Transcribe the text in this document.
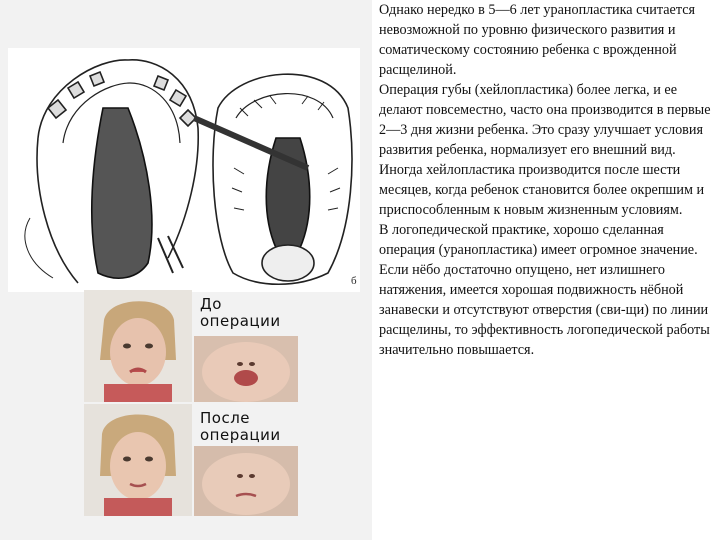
б
До
операции
После
операции

Однако нередко в 5—6 лет уранопластика считается невозможной по уровню физического развития и соматическому состоянию ребенка с врожденной расщелиной.

Операция губы (хейлопластика) более легка, и ее делают повсеместно, часто она производится в первые 2—3 дня жизни ребенка. Это сразу улучшает условия развития ребенка, нормализует его внешний вид. Иногда хейлопластика производится после шести месяцев, когда ребенок становится более окрепшим и приспособленным к новым жизненным условиям.

В логопедической практике, хорошо сделанная операция (уранопластика) имеет огромное значение. Если нёбо достаточно опущено, нет излишнего натяжения, имеется хорошая подвижность нёбной занавески и отсутствуют отверстия (сви-щи) по линии расщелины, то эффективность логопедической работы значительно повышается.
